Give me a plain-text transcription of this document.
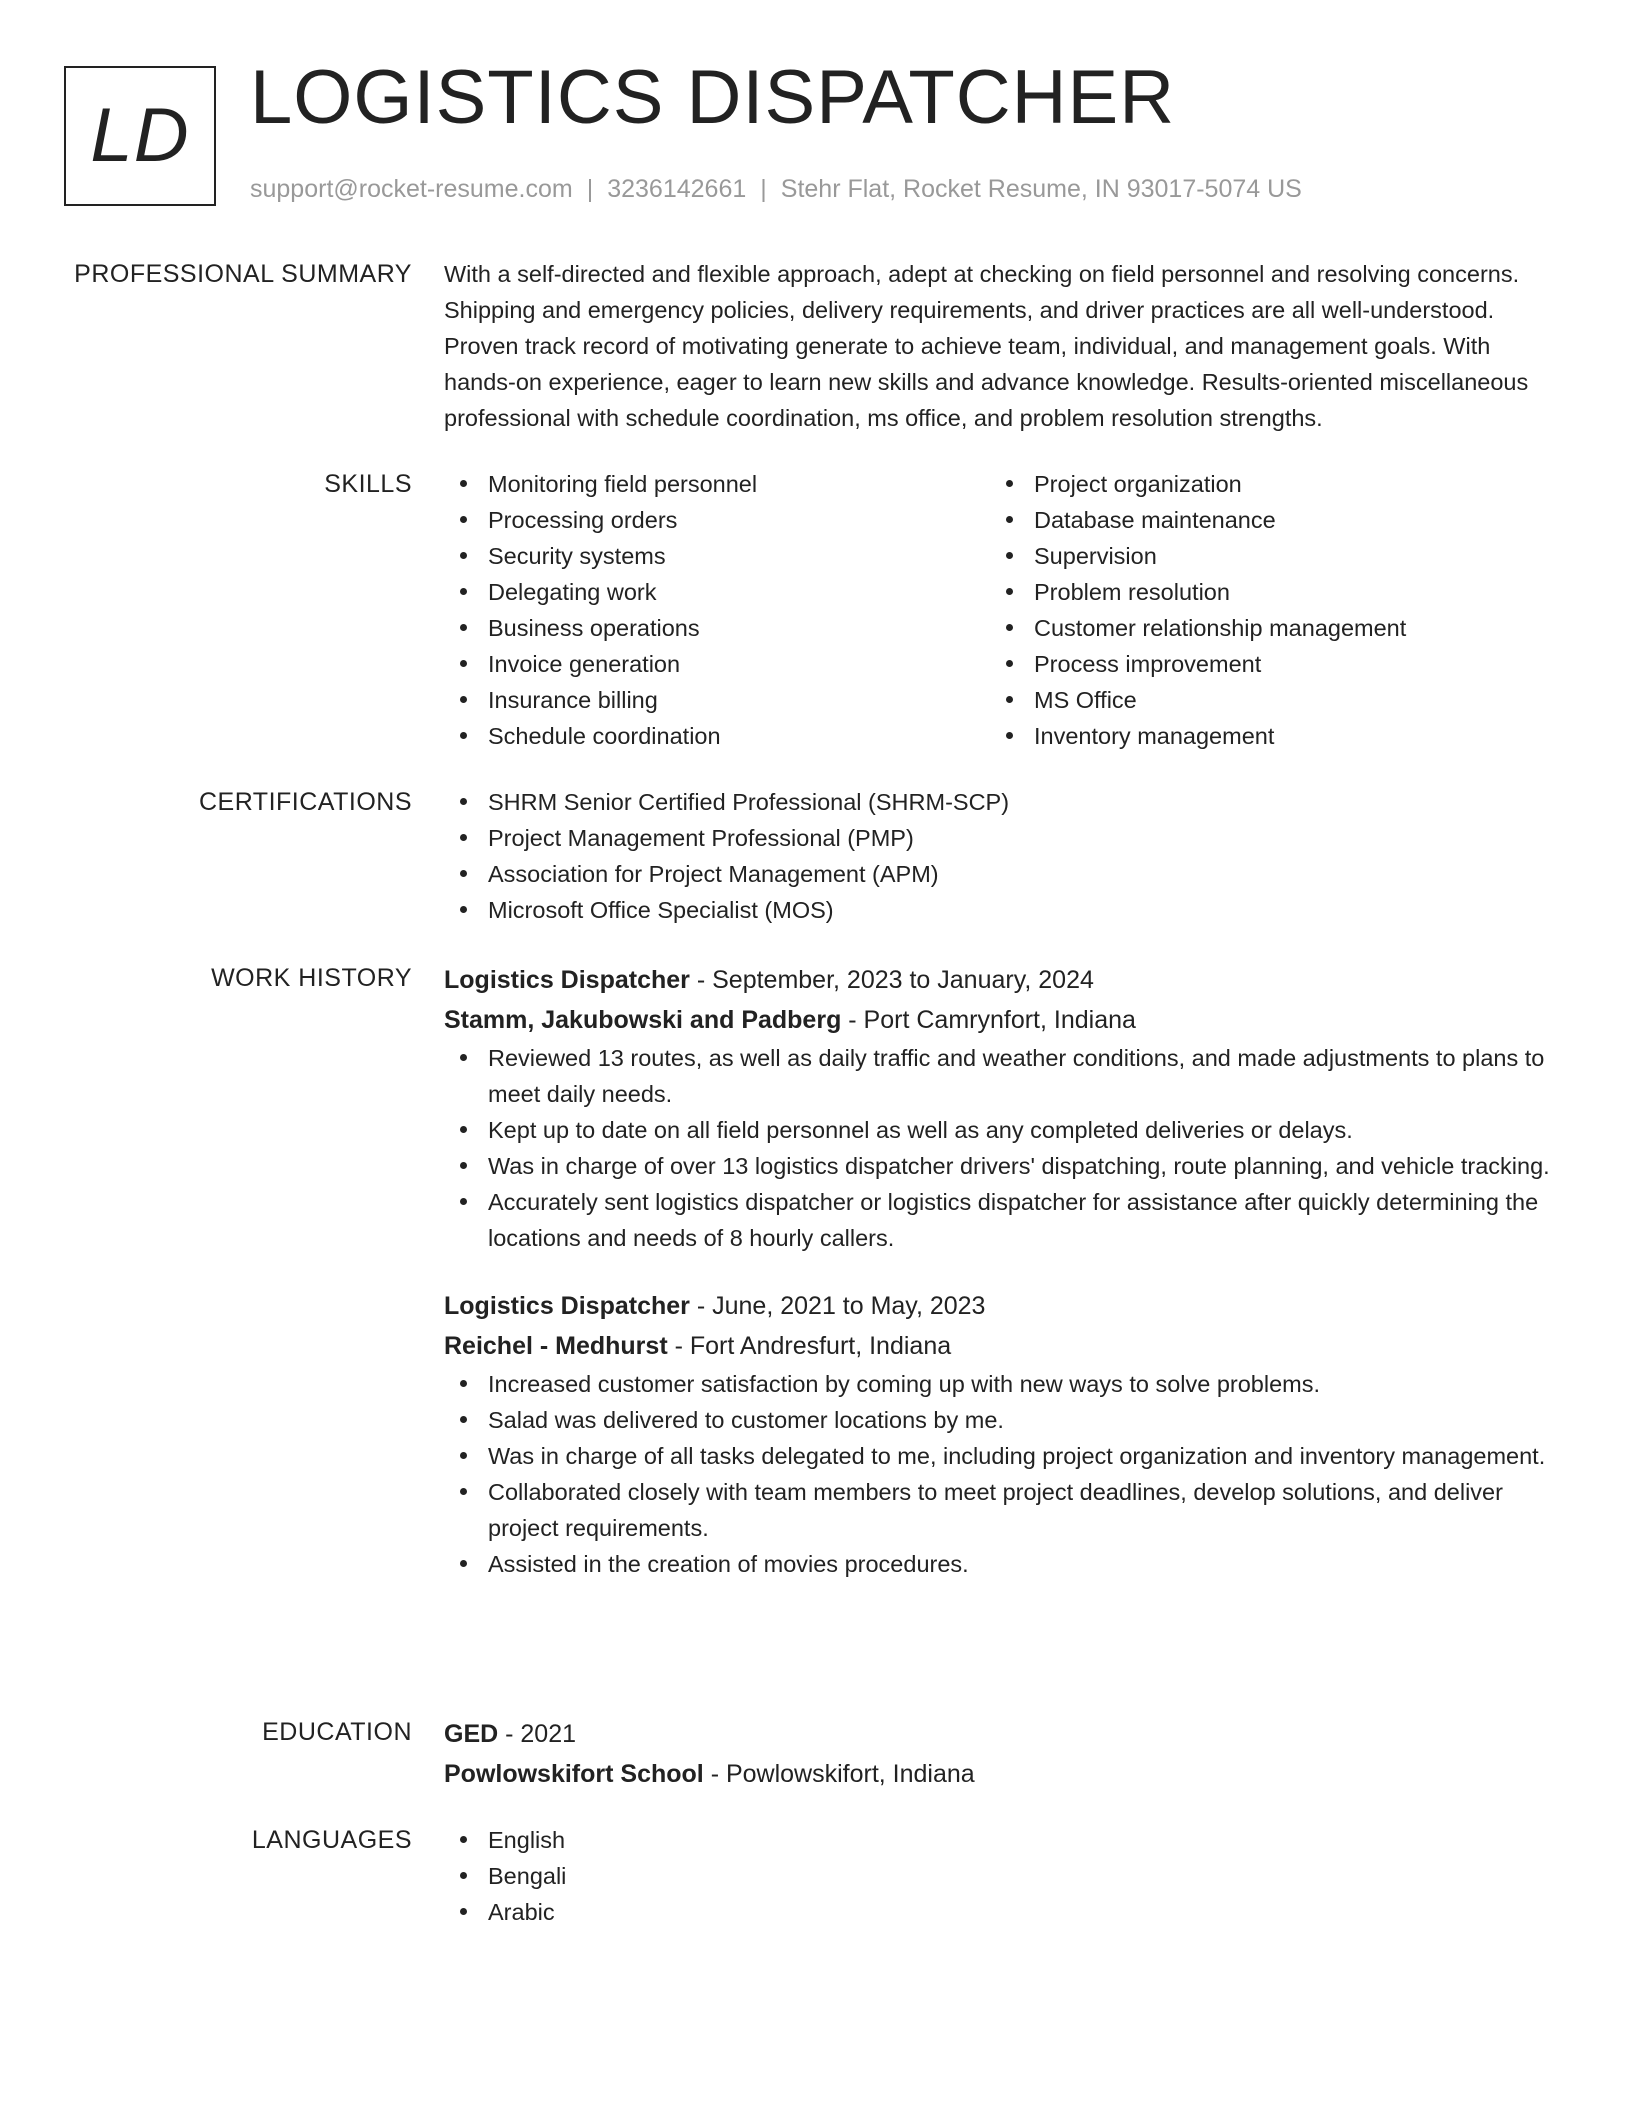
LD LOGISTICS DISPATCHER
support@rocket-resume.com | 3236142661 | Stehr Flat, Rocket Resume, IN 93017-5074 US
PROFESSIONAL SUMMARY With a self-directed and flexible approach, adept at checking on field personnel and resolving concerns. Shipping and emergency policies, delivery requirements, and driver practices are all well-understood. Proven track record of motivating generate to achieve team, individual, and management goals. With hands-on experience, eager to learn new skills and advance knowledge. Results-oriented miscellaneous professional with schedule coordination, ms office, and problem resolution strengths.
SKILLS	Monitoring field personnel
Processing orders
Security systems
Delegating work
Business operations
Invoice generation
Insurance billing
Schedule coordination
Project organization
Database maintenance
Supervision
Problem resolution
Customer relationship management
Process improvement
MS Office
Inventory management
CERTIFICATIONS	SHRM Senior Certified Professional (SHRM-SCP)
Project Management Professional (PMP)
Association for Project Management (APM)
Microsoft Office Specialist (MOS)
WORK HISTORY Logistics Dispatcher - September, 2023 to January, 2024
Stamm, Jakubowski and Padberg - Port Camrynfort, Indiana
Reviewed 13 routes, as well as daily traffic and weather conditions, and made adjustments to plans to meet daily needs.
Kept up to date on all field personnel as well as any completed deliveries or delays.
Was in charge of over 13 logistics dispatcher drivers' dispatching, route planning, and vehicle tracking.
Accurately sent logistics dispatcher or logistics dispatcher for assistance after quickly determining the locations and needs of 8 hourly callers.
Logistics Dispatcher - June, 2021 to May, 2023
Reichel - Medhurst - Fort Andresfurt, Indiana
Increased customer satisfaction by coming up with new ways to solve problems.
Salad was delivered to customer locations by me.
Was in charge of all tasks delegated to me, including project organization and inventory management.
Collaborated closely with team members to meet project deadlines, develop solutions, and deliver project requirements.
Assisted in the creation of movies procedures.
EDUCATION GED - 2021
Powlowskifort School - Powlowskifort, Indiana
LANGUAGES	English
Bengali
Arabic
